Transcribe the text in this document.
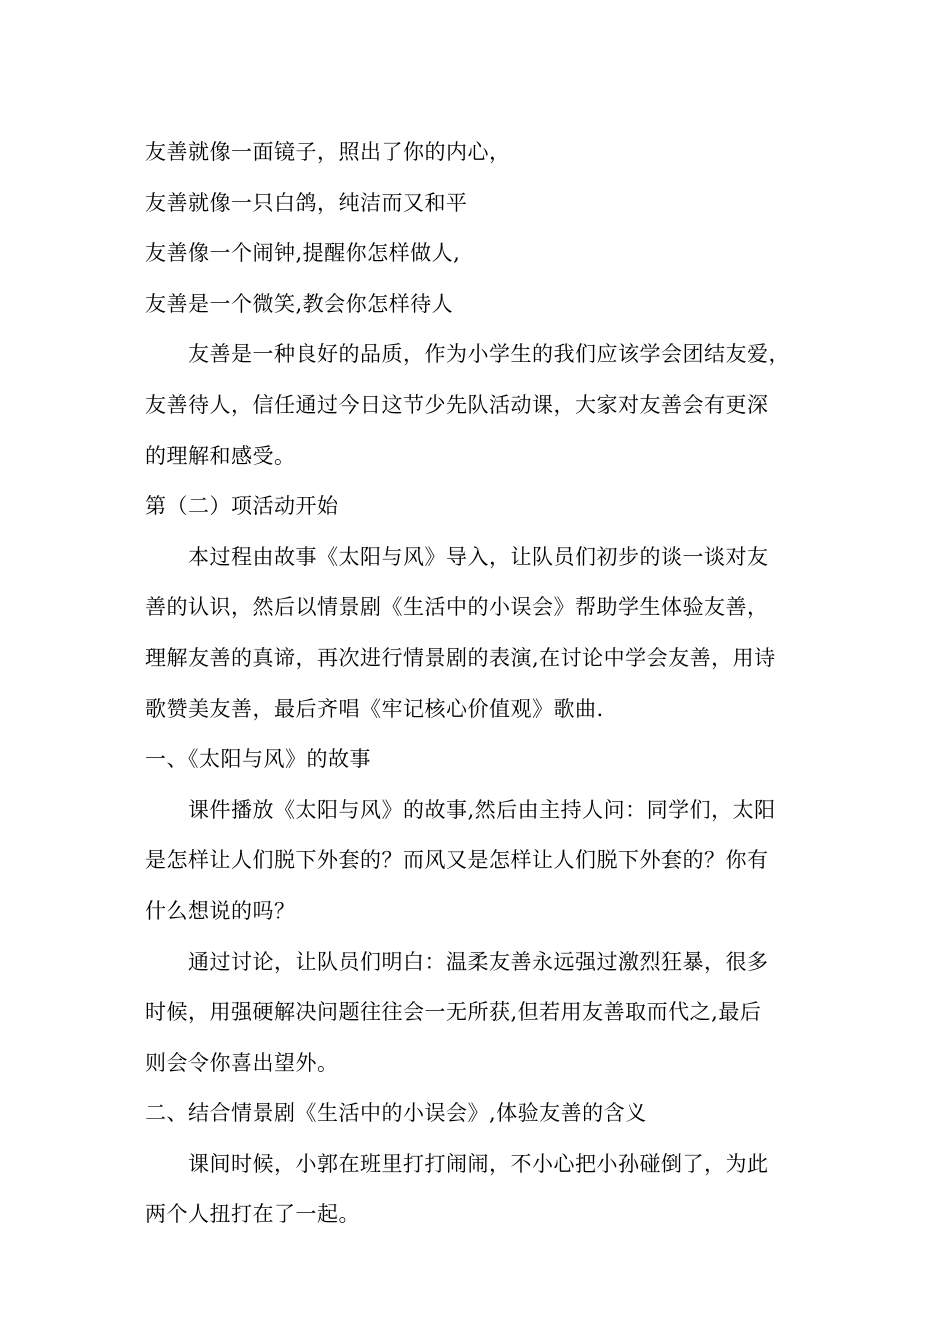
友善就像一面镜子，照出了你的内心，
友善就像一只白鸽，纯洁而又和平
友善像一个闹钟,提醒你怎样做人,
友善是一个微笑,教会你怎样待人
友善是一种良好的品质，作为小学生的我们应该学会团结友爱，
友善待人，信任通过今日这节少先队活动课，大家对友善会有更深
的理解和感受。
第（二）项活动开始
本过程由故事《太阳与风》导入，让队员们初步的谈一谈对友
善的认识，然后以情景剧《生活中的小误会》帮助学生体验友善，
理解友善的真谛，再次进行情景剧的表演,在讨论中学会友善，用诗
歌赞美友善，最后齐唱《牢记核心价值观》歌曲.
一、《太阳与风》的故事
课件播放《太阳与风》的故事,然后由主持人问：同学们，太阳
是怎样让人们脱下外套的？而风又是怎样让人们脱下外套的？你有
什么想说的吗？
通过讨论，让队员们明白：温柔友善永远强过激烈狂暴，很多
时候，用强硬解决问题往往会一无所获,但若用友善取而代之,最后
则会令你喜出望外。
二、结合情景剧《生活中的小误会》,体验友善的含义
课间时候，小郭在班里打打闹闹，不小心把小孙碰倒了，为此
两个人扭打在了一起。
